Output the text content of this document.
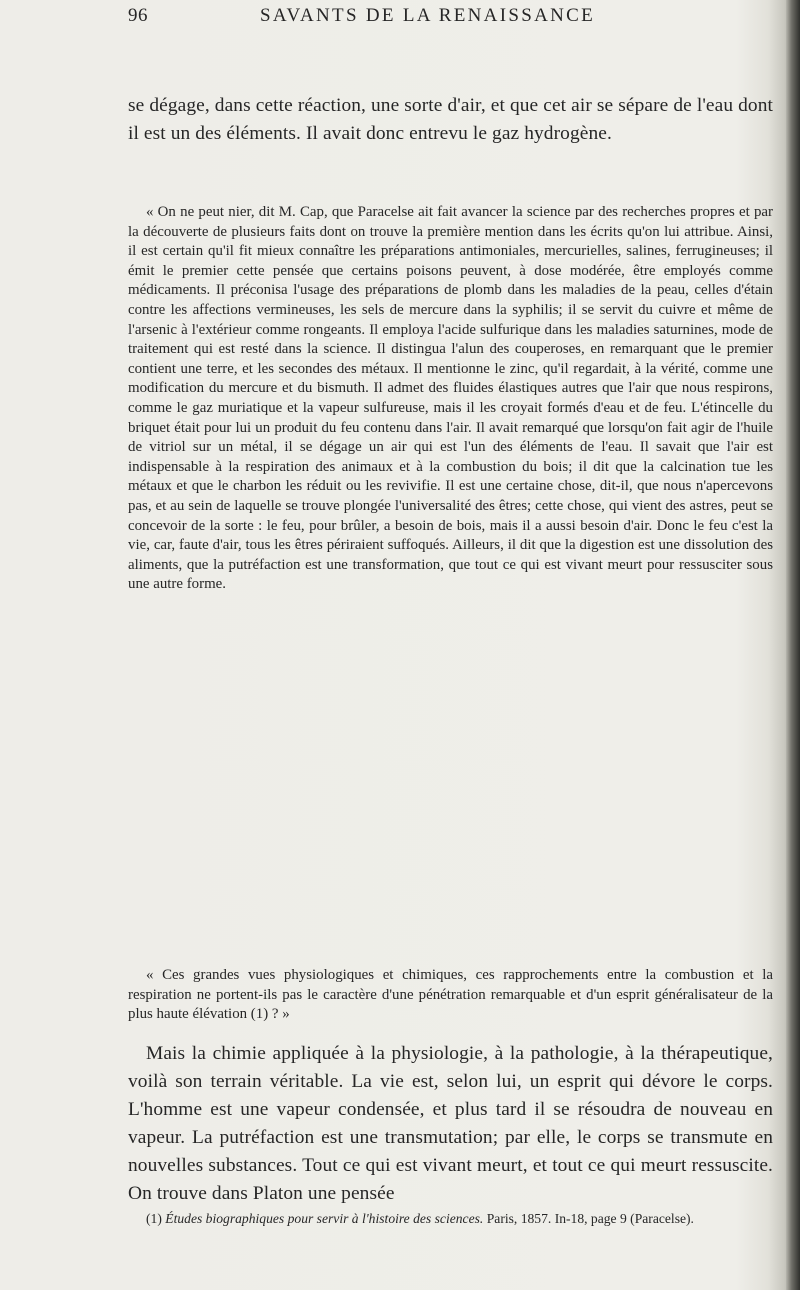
96	SAVANTS DE LA RENAISSANCE

se dégage, dans cette réaction, une sorte d'air, et que cet air se sépare de l'eau dont il est un des éléments. Il avait donc entrevu le gaz hydrogène.

« On ne peut nier, dit M. Cap, que Paracelse ait fait avancer la science par des recherches propres et par la découverte de plusieurs faits dont on trouve la première mention dans les écrits qu'on lui attribue. Ainsi, il est certain qu'il fit mieux connaître les préparations antimoniales, mercurielles, salines, ferrugineuses; il émit le premier cette pensée que certains poisons peuvent, à dose modérée, être employés comme médicaments. Il préconisa l'usage des préparations de plomb dans les maladies de la peau, celles d'étain contre les affections vermineuses, les sels de mercure dans la syphilis; il se servit du cuivre et même de l'arsenic à l'extérieur comme rongeants. Il employa l'acide sulfurique dans les maladies saturnines, mode de traitement qui est resté dans la science. Il distingua l'alun des couperoses, en remarquant que le premier contient une terre, et les secondes des métaux. Il mentionne le zinc, qu'il regardait, à la vérité, comme une modification du mercure et du bismuth. Il admet des fluides élastiques autres que l'air que nous respirons, comme le gaz muriatique et la vapeur sulfureuse, mais il les croyait formés d'eau et de feu. L'étincelle du briquet était pour lui un produit du feu contenu dans l'air. Il avait remarqué que lorsqu'on fait agir de l'huile de vitriol sur un métal, il se dégage un air qui est l'un des éléments de l'eau. Il savait que l'air est indispensable à la respiration des animaux et à la combustion du bois; il dit que la calcination tue les métaux et que le charbon les réduit ou les revivifie. Il est une certaine chose, dit-il, que nous n'apercevons pas, et au sein de laquelle se trouve plongée l'universalité des êtres; cette chose, qui vient des astres, peut se concevoir de la sorte : le feu, pour brûler, a besoin de bois, mais il a aussi besoin d'air. Donc le feu c'est la vie, car, faute d'air, tous les êtres périraient suffoqués. Ailleurs, il dit que la digestion est une dissolution des aliments, que la putréfaction est une transformation, que tout ce qui est vivant meurt pour ressusciter sous une autre forme.

« Ces grandes vues physiologiques et chimiques, ces rapprochements entre la combustion et la respiration ne portent-ils pas le caractère d'une pénétration remarquable et d'un esprit généralisateur de la plus haute élévation (1) ? »

Mais la chimie appliquée à la physiologie, à la pathologie, à la thérapeutique, voilà son terrain véritable. La vie est, selon lui, un esprit qui dévore le corps. L'homme est une vapeur condensée, et plus tard il se résoudra de nouveau en vapeur. La putréfaction est une transmutation; par elle, le corps se transmute en nouvelles substances. Tout ce qui est vivant meurt, et tout ce qui meurt ressuscite. On trouve dans Platon une pensée

(1) Études biographiques pour servir à l'histoire des sciences. Paris, 1857. In-18, page 9 (Paracelse).
